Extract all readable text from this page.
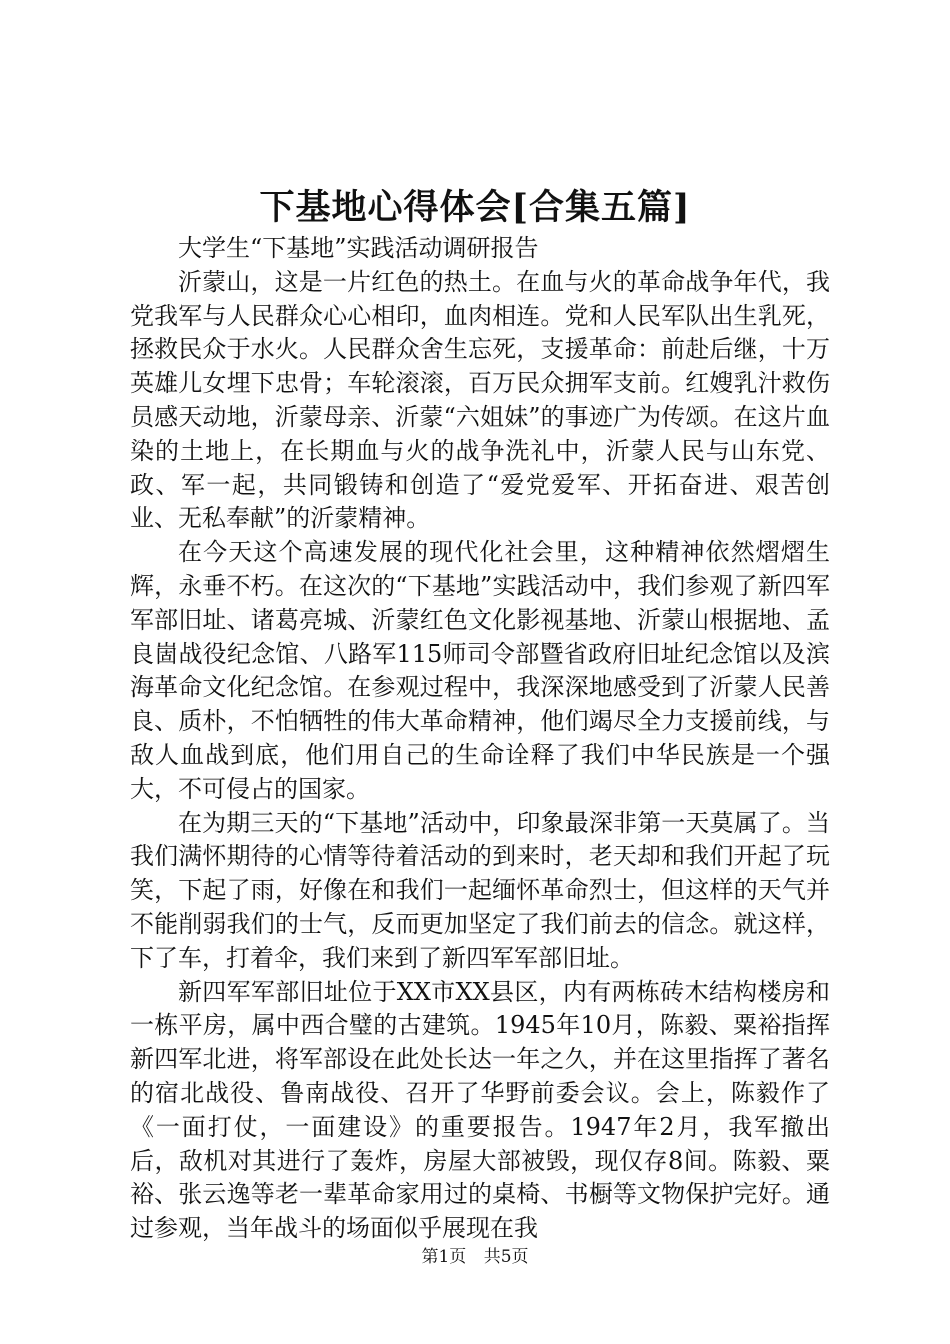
下基地心得体会[合集五篇]

大学生“下基地”实践活动调研报告

沂蒙山，这是一片红色的热土。在血与火的革命战争年代，我党我军与人民群众心心相印，血肉相连。党和人民军队出生乳死，拯救民众于水火。人民群众舍生忘死，支援革命：前赴后继，十万英雄儿女埋下忠骨；车轮滚滚，百万民众拥军支前。红嫂乳汁救伤员感天动地，沂蒙母亲、沂蒙“六姐妹”的事迹广为传颂。在这片血染的土地上，在长期血与火的战争洗礼中，沂蒙人民与山东党、政、军一起，共同锻铸和创造了“爱党爱军、开拓奋进、艰苦创业、无私奉献”的沂蒙精神。

在今天这个高速发展的现代化社会里，这种精神依然熠熠生辉，永垂不朽。在这次的“下基地”实践活动中，我们参观了新四军军部旧址、诸葛亮城、沂蒙红色文化影视基地、沂蒙山根据地、孟良崮战役纪念馆、八路军115师司令部暨省政府旧址纪念馆以及滨海革命文化纪念馆。在参观过程中，我深深地感受到了沂蒙人民善良、质朴，不怕牺牲的伟大革命精神，他们竭尽全力支援前线，与敌人血战到底，他们用自己的生命诠释了我们中华民族是一个强大，不可侵占的国家。

在为期三天的“下基地”活动中，印象最深非第一天莫属了。当我们满怀期待的心情等待着活动的到来时，老天却和我们开起了玩笑，下起了雨，好像在和我们一起缅怀革命烈士，但这样的天气并不能削弱我们的士气，反而更加坚定了我们前去的信念。就这样，下了车，打着伞，我们来到了新四军军部旧址。

新四军军部旧址位于XX市XX县区，内有两栋砖木结构楼房和一栋平房，属中西合璧的古建筑。1945年10月，陈毅、粟裕指挥新四军北进，将军部设在此处长达一年之久，并在这里指挥了著名的宿北战役、鲁南战役、召开了华野前委会议。会上，陈毅作了《一面打仗，一面建设》的重要报告。1947年2月，我军撤出后，敌机对其进行了轰炸，房屋大部被毁，现仅存8间。陈毅、粟裕、张云逸等老一辈革命家用过的桌椅、书橱等文物保护完好。通过参观，当年战斗的场面似乎展现在我

第1页 共5页
